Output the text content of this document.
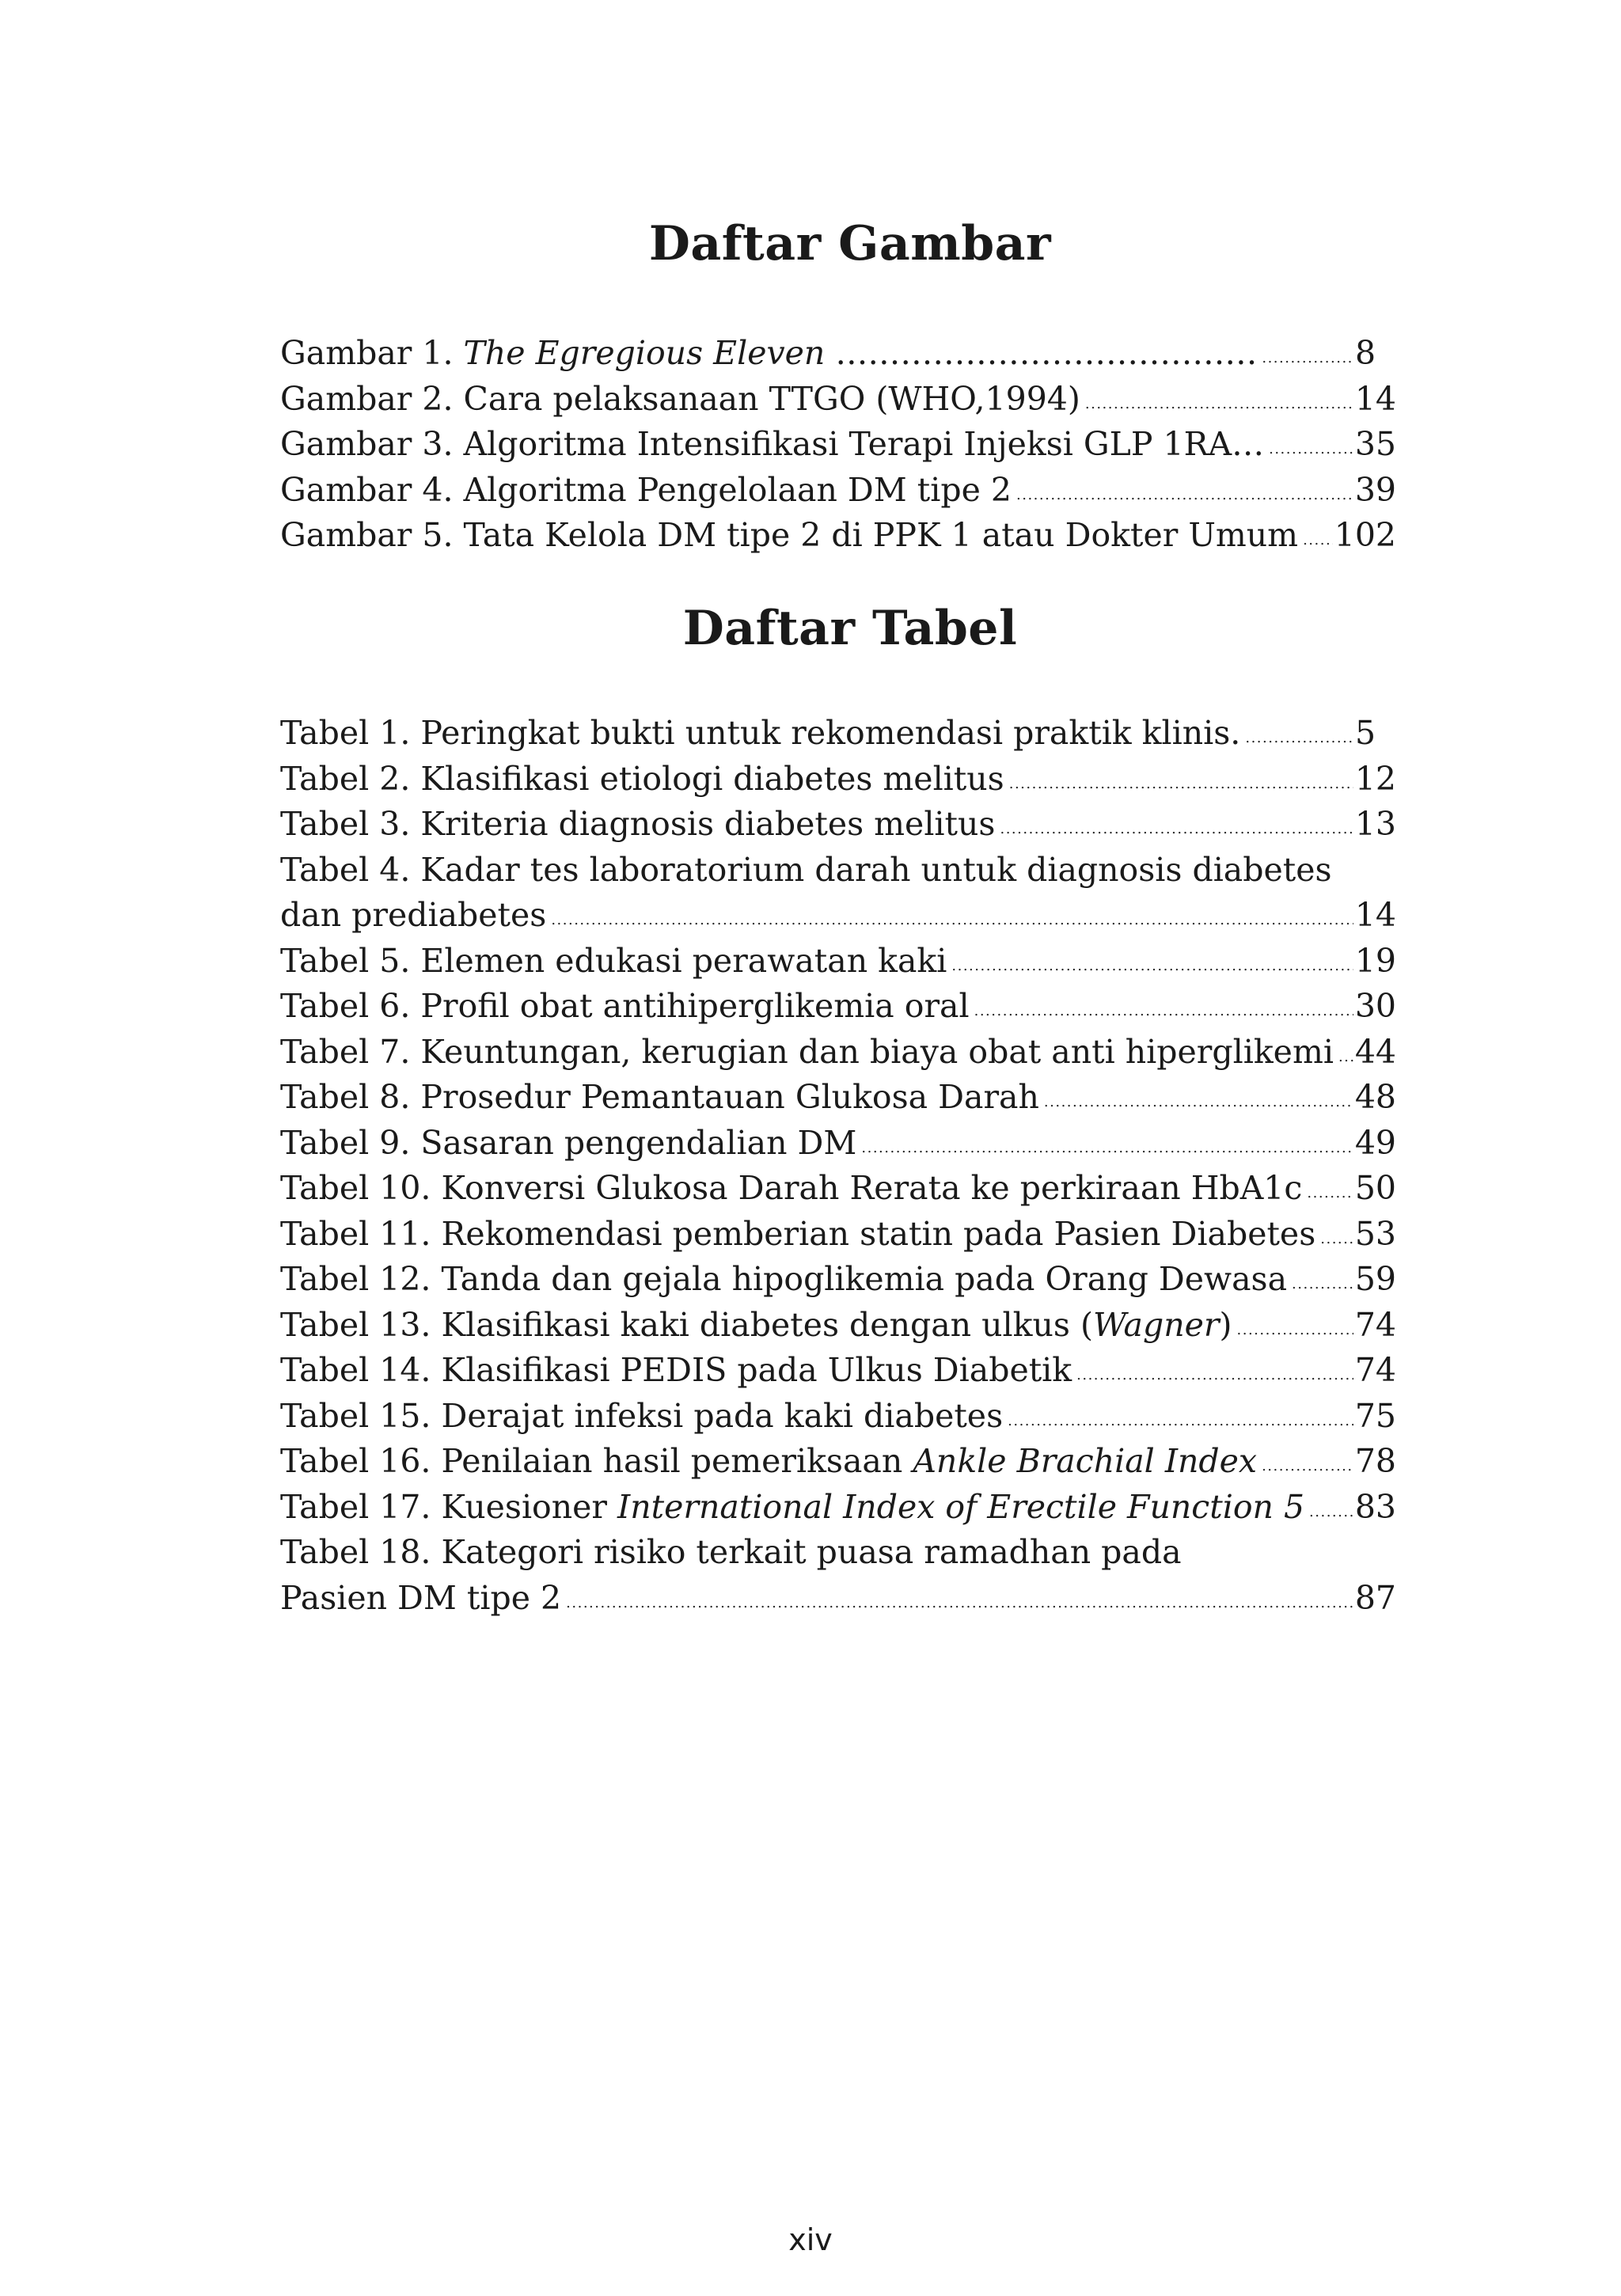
Daftar Gambar
Gambar 1. The Egregious Eleven ………………………………… .....	8
Gambar 2. Cara pelaksanaan TTGO (WHO,1994) .....	14
Gambar 3. Algoritma Intensifikasi Terapi Injeksi GLP 1RA… .....	35
Gambar 4. Algoritma Pengelolaan DM tipe 2 .....	39
Gambar 5. Tata Kelola DM tipe 2 di PPK 1 atau Dokter Umum ..... 102
Daftar Tabel
Tabel 1. Peringkat bukti untuk rekomendasi praktik klinis. .....	5
Tabel 2. Klasifikasi etiologi diabetes melitus .....	12
Tabel 3. Kriteria diagnosis diabetes melitus .....	13
Tabel 4. Kadar tes laboratorium darah untuk diagnosis diabetes
dan prediabetes .....	14
Tabel 5. Elemen edukasi perawatan kaki .....	19
Tabel 6. Profil obat antihiperglikemia oral .....	30
Tabel 7. Keuntungan, kerugian dan biaya obat anti hiperglikemi ..... 44
Tabel 8. Prosedur Pemantauan Glukosa Darah .....	48
Tabel 9. Sasaran pengendalian DM .....	49
Tabel 10. Konversi Glukosa Darah Rerata ke perkiraan HbA1c ..... 50
Tabel 11. Rekomendasi pemberian statin pada Pasien Diabetes ..... 53
Tabel 12. Tanda dan gejala hipoglikemia pada Orang Dewasa ..... 59
Tabel 13. Klasifikasi kaki diabetes dengan ulkus (Wagner) .....	74
Tabel 14. Klasifikasi PEDIS pada Ulkus Diabetik .....	74
Tabel 15. Derajat infeksi pada kaki diabetes .....	75
Tabel 16. Penilaian hasil pemeriksaan Ankle Brachial Index .....	78
Tabel 17. Kuesioner International Index of Erectile Function 5 ..... 83
Tabel 18. Kategori risiko terkait puasa ramadhan pada
Pasien DM tipe 2 .....	87
xiv
